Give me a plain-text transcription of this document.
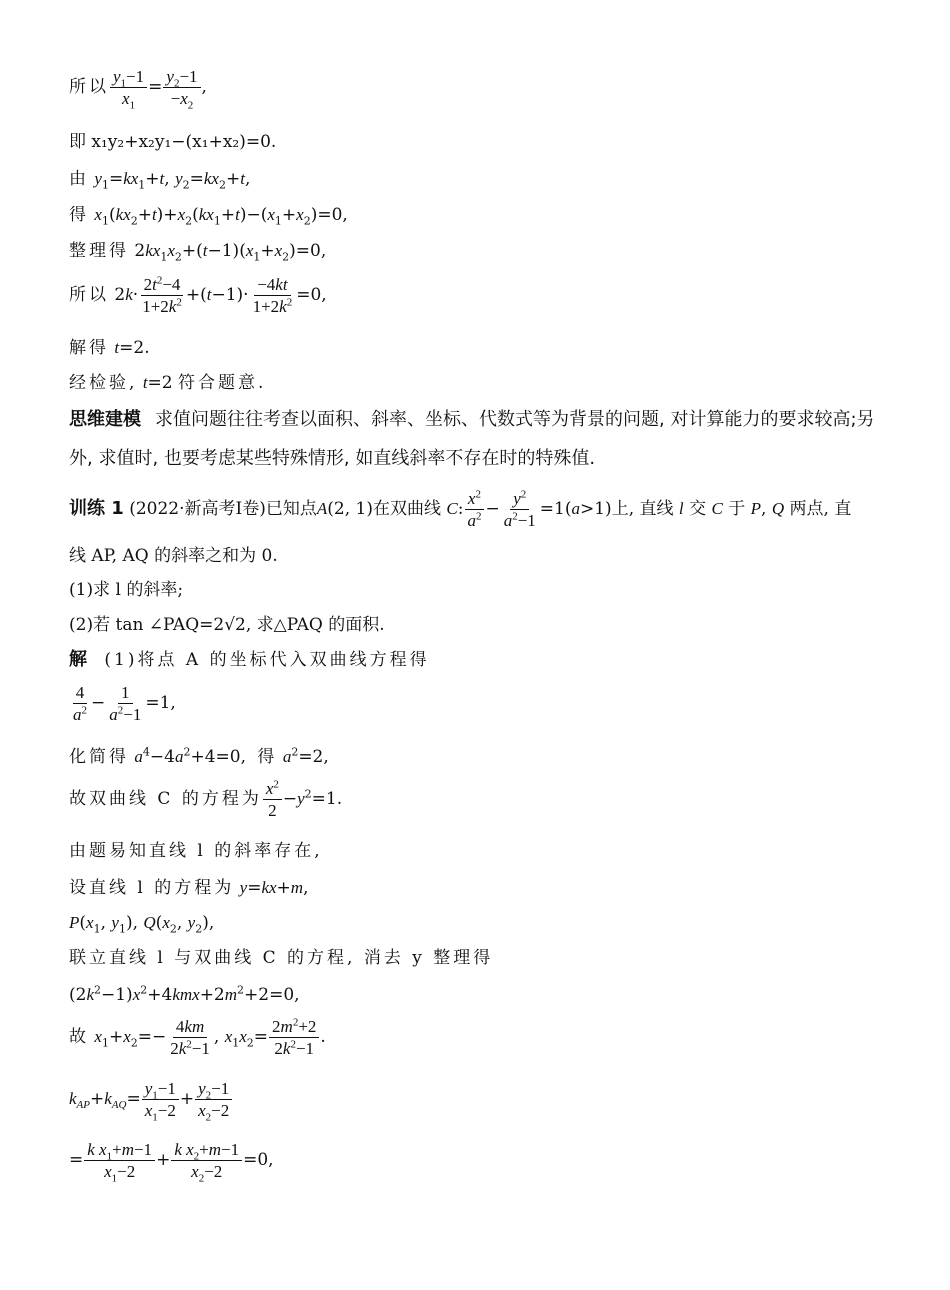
所以 $\frac{y_1-1}{x_1} = \frac{y_2-1}{-x_2}$ ,
即 x₁y₂+x₂y₁−(x₁+x₂)=0.
由 $y_1=kx_1+t$, $y_2=kx_2+t$,
得 $x_1(kx_2+t)+x_2(kx_1+t)-(x_1+x_2)=0$,
整理得 $2kx_1x_2+(t-1)(x_1+x_2)=0$,
所以 $2k\cdot \frac{2t^2-4}{1+2k^2} +(t-1)\cdot \frac{-4kt}{1+2k^2} =0$,
解得 t=2.
经检验, t=2 符合题意.
思维建模 求值问题往往考查以面积、斜率、坐标、代数式等为背景的问题, 对计算能力的要求较高;另外, 求值时, 也要考虑某些特殊情形, 如直线斜率不存在时的特殊值.
训练 1 (2022·新高考Ⅰ卷)已知点A(2, 1)在双曲线 C: $\frac{x^2}{a^2} - \frac{y^2}{a^2-1} =1(a>1)$上, 直线 l 交 C 于 P, Q 两点, 直
线 AP, AQ 的斜率之和为 0.
(1)求 l 的斜率;
(2)若 tan ∠PAQ=2√2, 求△PAQ 的面积.
解 (1)将点 A 的坐标代入双曲线方程得
$\frac{4}{a^2} - \frac{1}{a^2-1} =1$,
化简得 $a^4-4a^2+4=0$, 得 $a^2=2$,
故双曲线 C 的方程为 $\frac{x^2}{2} -y^2=1$.
由题易知直线 l 的斜率存在,
设直线 l 的方程为 y=kx+m,
$P(x_1$, $y_1$), $Q(x_2$, $y_2$),
联立直线 l 与双曲线 C 的方程, 消去 y 整理得
$(2k^2-1)x^2+4kmx+2m^2+2=0$,
故 $x_1+x_2=- \frac{4km}{2k^2-1}$ , $x_1x_2= \frac{2m^2+2}{2k^2-1}$ .
$k_{AP}+k_{AQ}= \frac{y_1-1}{x_1-2} + \frac{y_2-1}{x_2-2}$
= $\frac{k x_1+m-1}{x_1-2} + \frac{k x_2+m-1}{x_2-2} =0$,
